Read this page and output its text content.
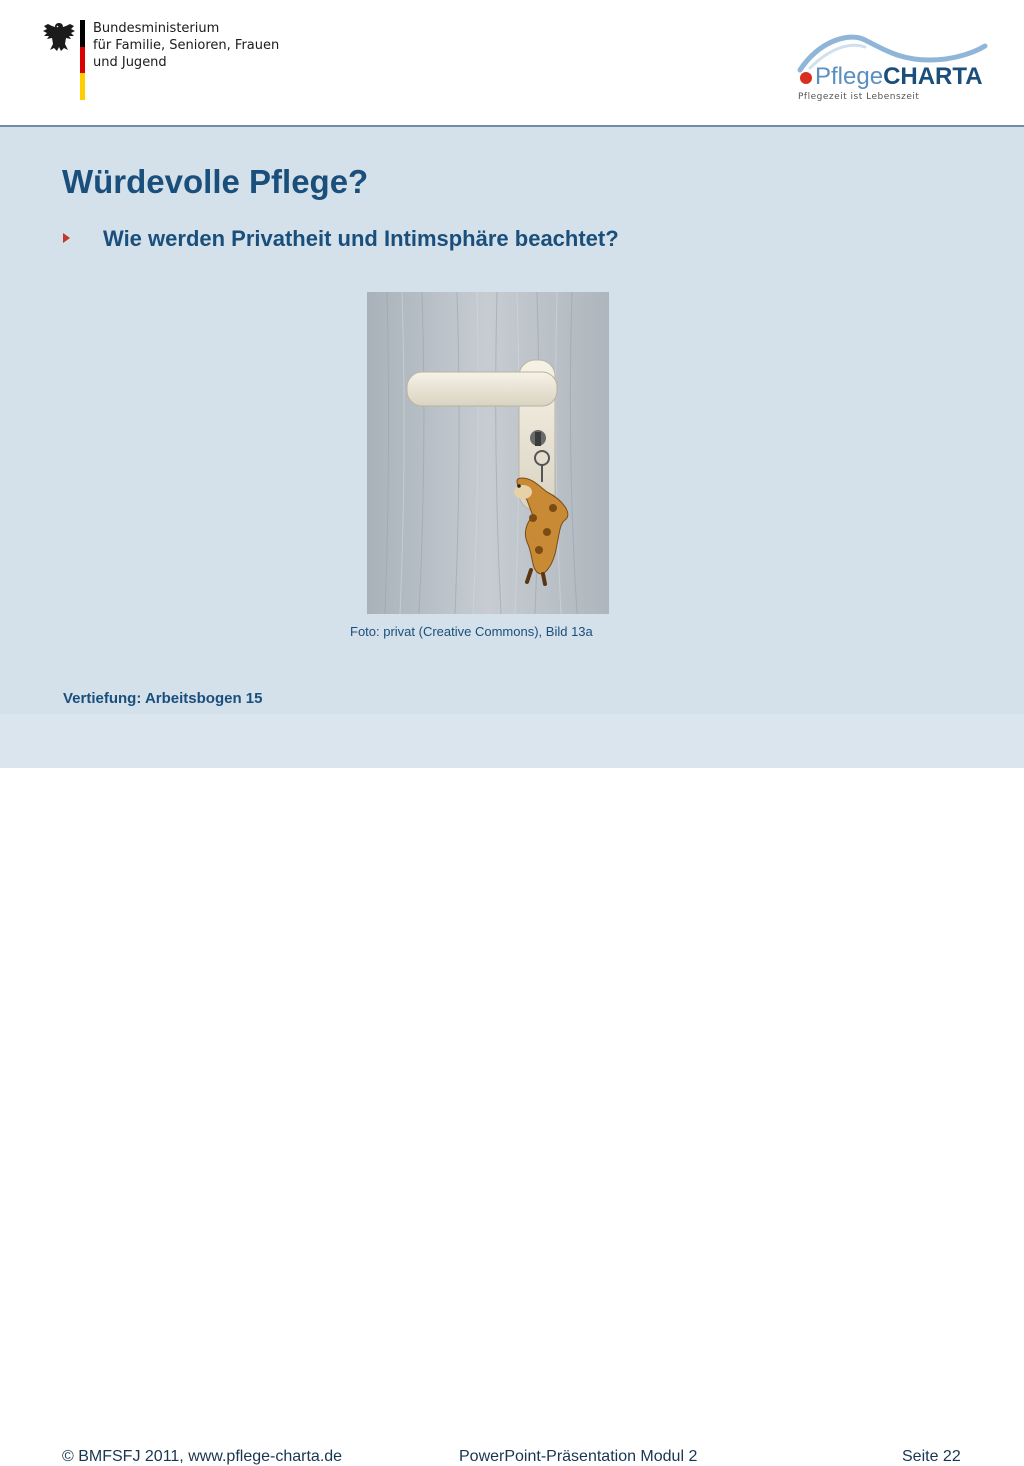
Bundesministerium
für Familie, Senioren, Frauen
und Jugend
PflegeCHARTA
Pflegezeit ist Lebenszeit
Würdevolle Pflege?
Wie werden Privatheit und Intimsphäre beachtet?
Foto: privat (Creative Commons), Bild 13a
Vertiefung: Arbeitsbogen 15
© BMFSFJ 2011, www.pflege-charta.de	PowerPoint-Präsentation Modul 2	Seite 22
